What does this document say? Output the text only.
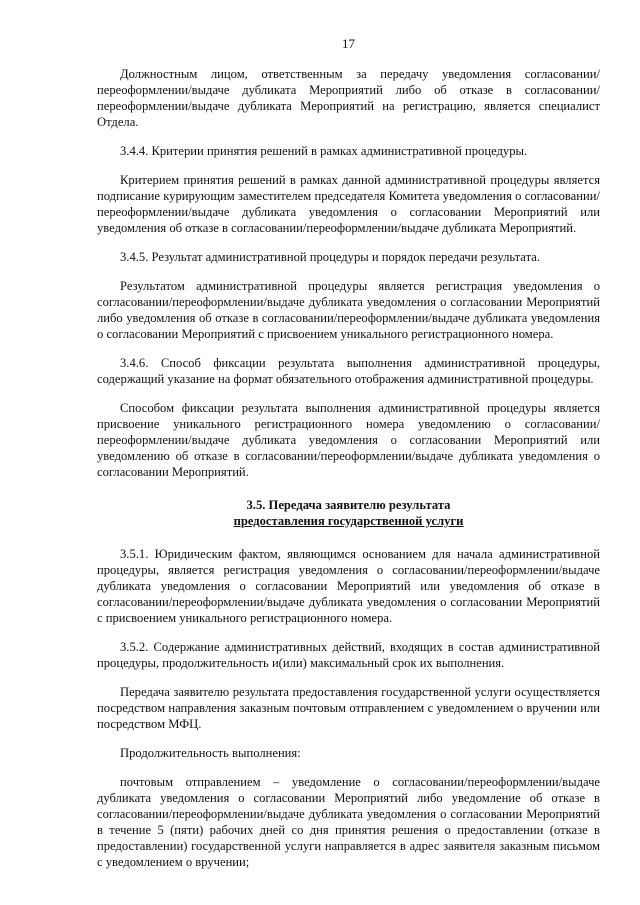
17

Должностным лицом, ответственным за передачу уведомления согласовании/переоформлении/выдаче дубликата Мероприятий либо об отказе в согласовании/переоформлении/выдаче дубликата Мероприятий на регистрацию, является специалист Отдела.

3.4.4. Критерии принятия решений в рамках административной процедуры.

Критерием принятия решений в рамках данной административной процедуры является подписание курирующим заместителем председателя Комитета уведомления о согласовании/переоформлении/выдаче дубликата уведомления о согласовании Мероприятий или уведомления об отказе в согласовании/переоформлении/выдаче дубликата Мероприятий.

3.4.5. Результат административной процедуры и порядок передачи результата.

Результатом административной процедуры является регистрация уведомления о согласовании/переоформлении/выдаче дубликата уведомления о согласовании Мероприятий либо уведомления об отказе в согласовании/переоформлении/выдаче дубликата уведомления о согласовании Мероприятий с присвоением уникального регистрационного номера.

3.4.6. Способ фиксации результата выполнения административной процедуры, содержащий указание на формат обязательного отображения административной процедуры.

Способом фиксации результата выполнения административной процедуры является присвоение уникального регистрационного номера уведомлению о согласовании/переоформлении/выдаче дубликата уведомления о согласовании Мероприятий или уведомлению об отказе в согласовании/переоформлении/выдаче дубликата уведомления о согласовании Мероприятий.

3.5. Передача заявителю результата
предоставления государственной услуги

3.5.1. Юридическим фактом, являющимся основанием для начала административной процедуры, является регистрация уведомления о согласовании/переоформлении/выдаче дубликата уведомления о согласовании Мероприятий или уведомления об отказе в согласовании/переоформлении/выдаче дубликата уведомления о согласовании Мероприятий с присвоением уникального регистрационного номера.

3.5.2. Содержание административных действий, входящих в состав административной процедуры, продолжительность и(или) максимальный срок их выполнения.

Передача заявителю результата предоставления государственной услуги осуществляется посредством направления заказным почтовым отправлением с уведомлением о вручении или посредством МФЦ.

Продолжительность выполнения:

почтовым отправлением – уведомление о согласовании/переоформлении/выдаче дубликата уведомления о согласовании Мероприятий либо уведомление об отказе в согласовании/переоформлении/выдаче дубликата уведомления о согласовании Мероприятий в течение 5 (пяти) рабочих дней со дня принятия решения о предоставлении (отказе в предоставлении) государственной услуги направляется в адрес заявителя заказным письмом с уведомлением о вручении;
